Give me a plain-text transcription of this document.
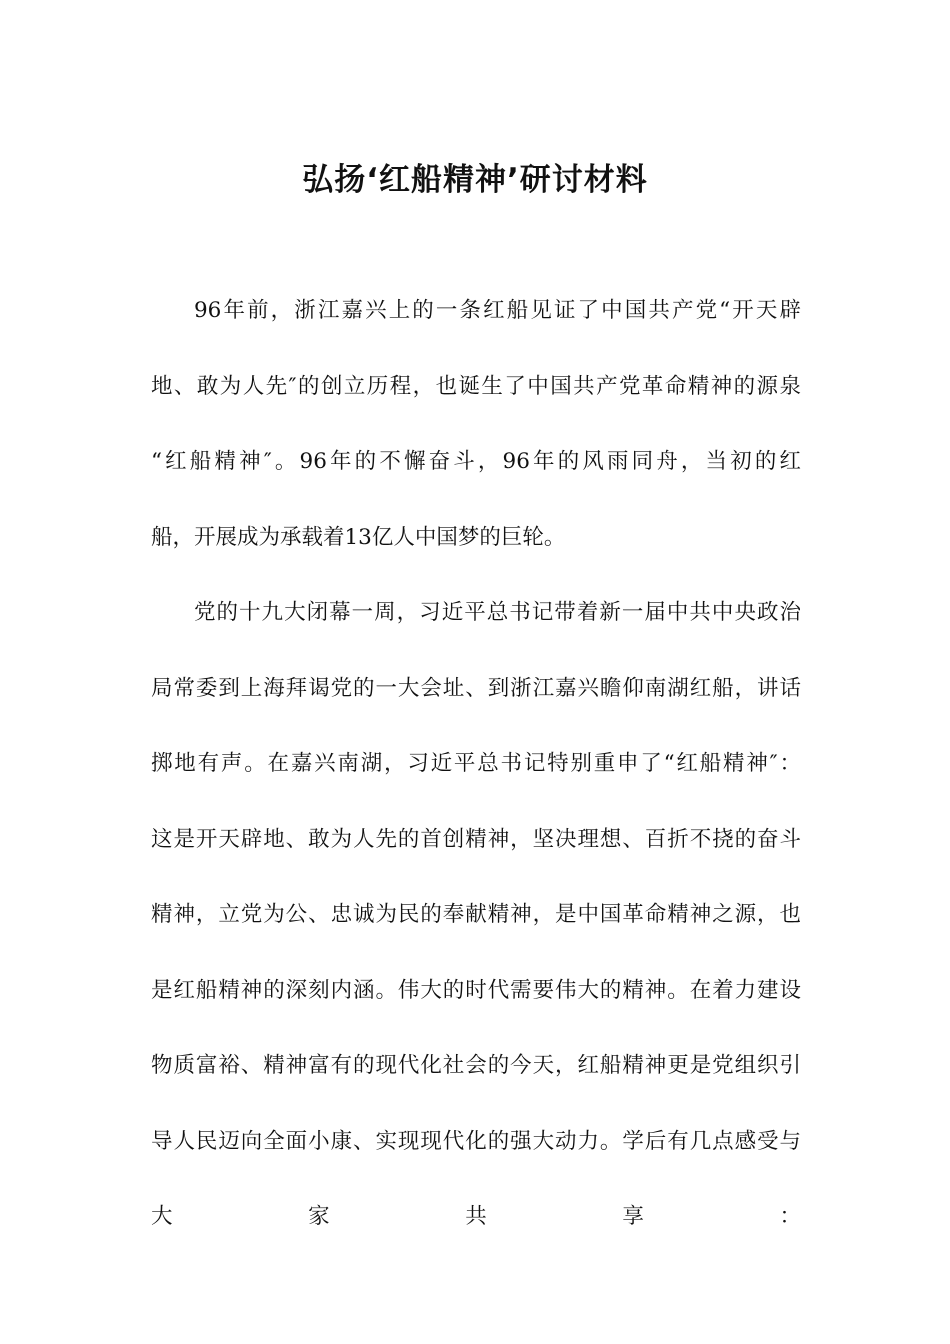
弘扬‘红船精神’研讨材料
96年前，浙江嘉兴上的一条红船见证了中国共产党“开天辟
地、敢为人先″的创立历程，也诞生了中国共产党革命精神的源泉
“红船精神″。96年的不懈奋斗，96年的风雨同舟，当初的红
船，开展成为承载着13亿人中国梦的巨轮。
党的十九大闭幕一周，习近平总书记带着新一届中共中央政治
局常委到上海拜谒党的一大会址、到浙江嘉兴瞻仰南湖红船，讲话
掷地有声。在嘉兴南湖，习近平总书记特别重申了“红船精神″：
这是开天辟地、敢为人先的首创精神，坚决理想、百折不挠的奋斗
精神，立党为公、忠诚为民的奉献精神，是中国革命精神之源，也
是红船精神的深刻内涵。伟大的时代需要伟大的精神。在着力建设
物质富裕、精神富有的现代化社会的今天，红船精神更是党组织引
导人民迈向全面小康、实现现代化的强大动力。学后有几点感受与
大 家 共 享 ：
